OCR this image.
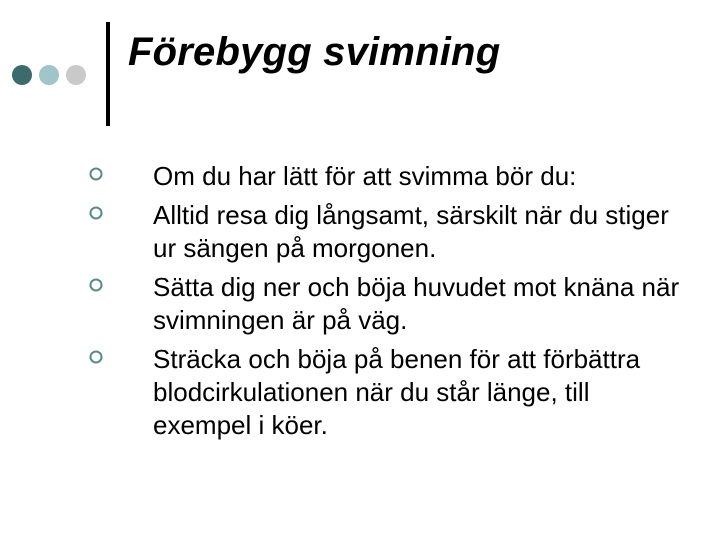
Förebygg svimning
Om du har lätt för att svimma bör du:
Alltid resa dig långsamt, särskilt när du stiger ur sängen på morgonen.
Sätta dig ner och böja huvudet mot knäna när svimningen är på väg.
Sträcka och böja på benen för att förbättra blodcirkulationen när du står länge, till exempel i köer.
